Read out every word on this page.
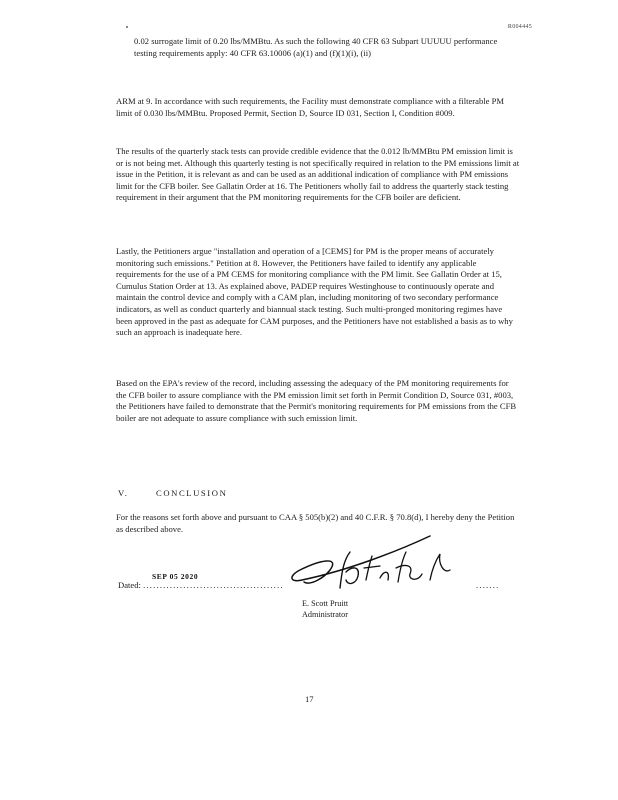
R004445

0.02 surrogate limit of 0.20 lbs/MMBtu. As such the following 40 CFR 63 Subpart UUUUU performance testing requirements apply: 40 CFR 63.10006 (a)(1) and (f)(1)(i), (ii)

ARM at 9. In accordance with such requirements, the Facility must demonstrate compliance with a filterable PM limit of 0.030 lbs/MMBtu. Proposed Permit, Section D, Source ID 031, Section I, Condition #009.

The results of the quarterly stack tests can provide credible evidence that the 0.012 lb/MMBtu PM emission limit is or is not being met. Although this quarterly testing is not specifically required in relation to the PM emissions limit at issue in the Petition, it is relevant as and can be used as an additional indication of compliance with PM emissions limit for the CFB boiler. See Gallatin Order at 16. The Petitioners wholly fail to address the quarterly stack testing requirement in their argument that the PM monitoring requirements for the CFB boiler are deficient.

Lastly, the Petitioners argue "installation and operation of a [CEMS] for PM is the proper means of accurately monitoring such emissions." Petition at 8. However, the Petitioners have failed to identify any applicable requirements for the use of a PM CEMS for monitoring compliance with the PM limit. See Gallatin Order at 15, Cumulus Station Order at 13. As explained above, PADEP requires Westinghouse to continuously operate and maintain the control device and comply with a CAM plan, including monitoring of two secondary performance indicators, as well as conduct quarterly and biannual stack testing. Such multi-pronged monitoring regimes have been approved in the past as adequate for CAM purposes, and the Petitioners have not established a basis as to why such an approach is inadequate here.

Based on the EPA's review of the record, including assessing the adequacy of the PM monitoring requirements for the CFB boiler to assure compliance with the PM emission limit set forth in Permit Condition D, Source 031, #003, the Petitioners have failed to demonstrate that the Permit's monitoring requirements for PM emissions from the CFB boiler are not adequate to assure compliance with such emission limit.

V.	CONCLUSION

For the reasons set forth above and pursuant to CAA § 505(b)(2) and 40 C.F.R. § 70.8(d), I hereby deny the Petition as described above.

SEP 05 2020
Dated: ..........................................	.......
E. Scott Pruitt
Administrator
17
